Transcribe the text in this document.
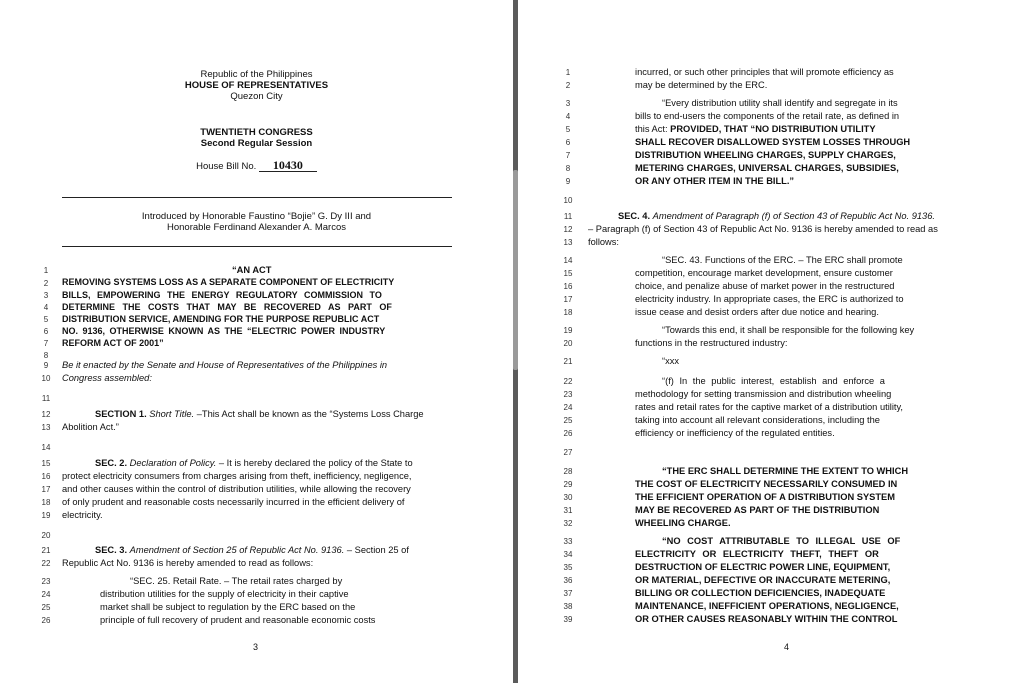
Republic of the Philippines
HOUSE OF REPRESENTATIVES
Quezon City
TWENTIETH CONGRESS
Second Regular Session
House Bill No. 10430
Introduced by Honorable Faustino “Bojie” G. Dy III and
Honorable Ferdinand Alexander A. Marcos
1
2
3
4
5
6
7
8
9
10
11
12
13
14
15
16
17
18
19
20
21
22
23
24
25
26
“AN ACT
REMOVING SYSTEMS LOSS AS A SEPARATE COMPONENT OF ELECTRICITY
BILLS, EMPOWERING THE ENERGY REGULATORY COMMISSION TO
DETERMINE THE COSTS THAT MAY BE RECOVERED AS PART OF
DISTRIBUTION SERVICE, AMENDING FOR THE PURPOSE REPUBLIC ACT
NO. 9136, OTHERWISE KNOWN AS THE “ELECTRIC POWER INDUSTRY
REFORM ACT OF 2001”
Be it enacted by the Senate and House of Representatives of the Philippines in
Congress assembled:
SECTION 1. Short Title. –This Act shall be known as the “Systems Loss Charge
Abolition Act.”
SEC. 2. Declaration of Policy. – It is hereby declared the policy of the State to
protect electricity consumers from charges arising from theft, inefficiency, negligence,
and other causes within the control of distribution utilities, while allowing the recovery
of only prudent and reasonable costs necessarily incurred in the efficient delivery of
electricity.
SEC. 3. Amendment of Section 25 of Republic Act No. 9136. – Section 25 of
Republic Act No. 9136 is hereby amended to read as follows:
“SEC. 25. Retail Rate. – The retail rates charged by
distribution utilities for the supply of electricity in their captive
market shall be subject to regulation by the ERC based on the
principle of full recovery of prudent and reasonable economic costs
3
1
2
3
4
5
6
7
8
9
10
11
12
13
14
15
16
17
18
19
20
21
22
23
24
25
26
27
28
29
30
31
32
33
34
35
36
37
38
39
incurred, or such other principles that will promote efficiency as
may be determined by the ERC.
“Every distribution utility shall identify and segregate in its
bills to end-users the components of the retail rate, as defined in
this Act: PROVIDED, THAT “NO DISTRIBUTION UTILITY
SHALL RECOVER DISALLOWED SYSTEM LOSSES THROUGH
DISTRIBUTION WHEELING CHARGES, SUPPLY CHARGES,
METERING CHARGES, UNIVERSAL CHARGES, SUBSIDIES,
OR ANY OTHER ITEM IN THE BILL.”
SEC. 4. Amendment of Paragraph (f) of Section 43 of Republic Act No. 9136.
– Paragraph (f) of Section 43 of Republic Act No. 9136 is hereby amended to read as
follows:
“SEC. 43. Functions of the ERC. – The ERC shall promote
competition, encourage market development, ensure customer
choice, and penalize abuse of market power in the restructured
electricity industry. In appropriate cases, the ERC is authorized to
issue cease and desist orders after due notice and hearing.
“Towards this end, it shall be responsible for the following key
functions in the restructured industry:
“xxx
“(f) In the public interest, establish and enforce a
methodology for setting transmission and distribution wheeling
rates and retail rates for the captive market of a distribution utility,
taking into account all relevant considerations, including the
efficiency or inefficiency of the regulated entities.
“THE ERC SHALL DETERMINE THE EXTENT TO WHICH
THE COST OF ELECTRICITY NECESSARILY CONSUMED IN
THE EFFICIENT OPERATION OF A DISTRIBUTION SYSTEM
MAY BE RECOVERED AS PART OF THE DISTRIBUTION
WHEELING CHARGE.
“NO COST ATTRIBUTABLE TO ILLEGAL USE OF
ELECTRICITY OR ELECTRICITY THEFT, THEFT OR
DESTRUCTION OF ELECTRIC POWER LINE, EQUIPMENT,
OR MATERIAL, DEFECTIVE OR INACCURATE METERING,
BILLING OR COLLECTION DEFICIENCIES, INADEQUATE
MAINTENANCE, INEFFICIENT OPERATIONS, NEGLIGENCE,
OR OTHER CAUSES REASONABLY WITHIN THE CONTROL
4
